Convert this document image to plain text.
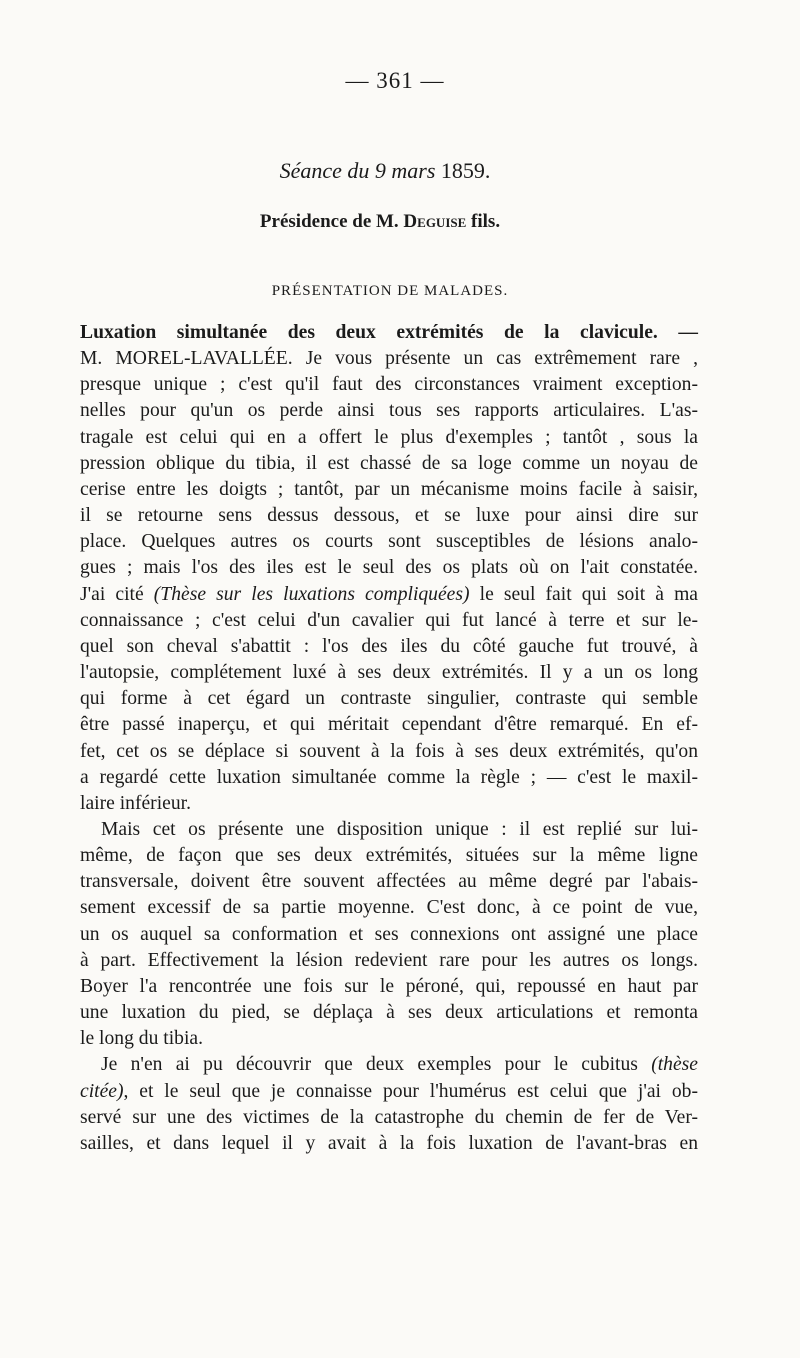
— 361 —
Séance du 9 mars 1859.
Présidence de M. Deguise fils.
PRÉSENTATION DE MALADES.
Luxation simultanée des deux extrémités de la clavicule. —
M. MOREL-LAVALLÉE. Je vous présente un cas extrêmement rare ,
presque unique ; c'est qu'il faut des circonstances vraiment exception-
nelles pour qu'un os perde ainsi tous ses rapports articulaires. L'as-
tragale est celui qui en a offert le plus d'exemples ; tantôt , sous la
pression oblique du tibia, il est chassé de sa loge comme un noyau de
cerise entre les doigts ; tantôt, par un mécanisme moins facile à saisir,
il se retourne sens dessus dessous, et se luxe pour ainsi dire sur
place. Quelques autres os courts sont susceptibles de lésions analo-
gues ; mais l'os des iles est le seul des os plats où on l'ait constatée.
J'ai cité (Thèse sur les luxations compliquées) le seul fait qui soit à ma
connaissance ; c'est celui d'un cavalier qui fut lancé à terre et sur le-
quel son cheval s'abattit : l'os des iles du côté gauche fut trouvé, à
l'autopsie, complétement luxé à ses deux extrémités. Il y a un os long
qui forme à cet égard un contraste singulier, contraste qui semble
être passé inaperçu, et qui méritait cependant d'être remarqué. En ef-
fet, cet os se déplace si souvent à la fois à ses deux extrémités, qu'on
a regardé cette luxation simultanée comme la règle ; — c'est le maxil-
laire inférieur.
Mais cet os présente une disposition unique : il est replié sur lui-
même, de façon que ses deux extrémités, situées sur la même ligne
transversale, doivent être souvent affectées au même degré par l'abais-
sement excessif de sa partie moyenne. C'est donc, à ce point de vue,
un os auquel sa conformation et ses connexions ont assigné une place
à part. Effectivement la lésion redevient rare pour les autres os longs.
Boyer l'a rencontrée une fois sur le péroné, qui, repoussé en haut par
une luxation du pied, se déplaça à ses deux articulations et remonta
le long du tibia.
Je n'en ai pu découvrir que deux exemples pour le cubitus (thèse
citée), et le seul que je connaisse pour l'humérus est celui que j'ai ob-
servé sur une des victimes de la catastrophe du chemin de fer de Ver-
sailles, et dans lequel il y avait à la fois luxation de l'avant-bras en
